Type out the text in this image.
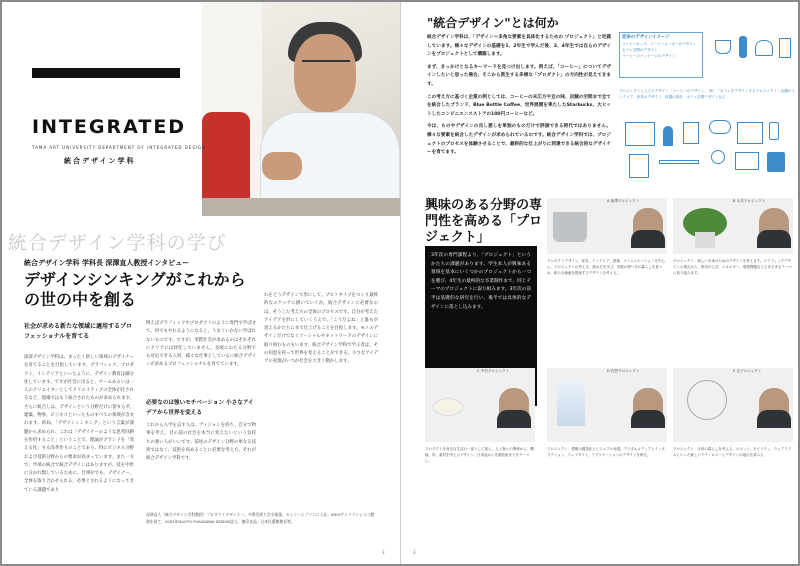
INTEGRATED
TAMA ART UNIVERSITY DEPARTMENT OF INTEGRATED DESIGN
統合デザイン学科
統合デザイン学科の学び
統合デザイン学科 学科長 深澤直人教授インタビュー
デザインシンキングがこれからの世の中を創る
社会が求める新たな領域に適用するプロフェッショナルを育てる
深澤デザイン学科は、まったく新しい領域のデザイナーを育てることを目指しています。グラフィック、プロダクト、インテリアといったように、デザイン教育は細分化しています。ですが社会に出ると、チームあるいは一人のクリエイターとしてクリエイティブの全体が任されるなど、現場ではもう統合されたものが求められます。さらに統合しは、デザインという分野だけに留まらず、建築、物事、ビジネスといったものすべての領域が含まれます。結局、「デザインシンキング」という言葉が課題から求められ、これは「デザイナーのような思考回路を作用すること」ということで、理論がブランドを「変える化」する改革作りのことであり、特にビジネス分野および技術分野からの要求が高まっています。また一方で、学部の統合で統合デザインはありますが、技を中世に分かれ類しているために、仕事がでも、デザイナー、全体を取り合わせられる、必要とされるようになってきている課題であり
例えばグラフィックやプロダクトのように専門で学ばせて、何でもやれるようになると、うまくいかない学ばれないものです。ですが、実際社会が求めるのはそれぞれにクリアには特化していません。多岐にわたる分野でも対応できる人材、様々な仕事としているに統合デザインが求めるプロフェッショナルを育てています。
必要なのは強いモチベーション 小さなアイデアから世界を変える
これから入学を志す人は、ヴィジョンを持ち、自分で物事を考え、目の前の社会を本当に変えたいという気持ちの強い人がいいです。前述のデザイン分野の単なる技術ではなく、技術を高めることに必要な考え方、それが統合デザイン学科です。
れをどうデザインで形にして、プロトタイプをつくり最終的なスケッチに描いていくか。統合デザインに必要なのは、そうした考え方の全体のプロセスです。自分が考えたアイデアを形にしていくうえで、「こうだよね」と誰もが思えるかたちにまで仕上げることを目指します。モノのデザインだけでなくソーシャルやネットワークのデザインに取り組むものもいます。統合デザイン学科で学ぶ者は、その知恵を持って世界を変えることができる。小さなアイデアの実現がいつか社会を大きく動かします。
深澤直人（統合デザイン学科教授）プロダクトデザイナー。多摩美術大学卒業後、セイコーエプソンに入社。IDEOサンフランシスコ勤務を経て、2003年NAOTO FUKASAWA DESIGN設立。無印良品、日本民藝館館長等。
3
"統合デザイン"とは何か

統合デザイン学科は、「デザイン＝多角な要素を具体化するための プロジェクト」と定義しています。様々なデザインの基礎を1、2年生で学んだ後、3、4年生では自らのデザインをプロジェクトとして構築します。

まず、きっかけとなるキーワードを見つけ出します。例えば、「コーヒー」についてデザインしたいと思った場合、そこから派生する多様な「プロダクト」の方向性が見えてきます。

この考え方に基づく企業の例としては、コーヒーの末広方や豆の味、店舗の空間まで全てを統合したブランド、Blue Bottle Coffee、世界展開を果たしたStarbucks、大ヒットしたコンビニエンスストアの100円コーヒーなど。

今は、ものやデザインの良し悪しを単独のものだけで評価できる時代ではありません。様々な要素を統合したデザインが求められているのです。統合デザイン学科では、プロジェクトのプロセスを体験させることで、最終的な仕上がりに到達できる統合的なデザイナーを育てます。

従来のデザインイメージ
コーヒーカップ、コーヒーメーカーのデザイン
カフェ空間のデザイン
コーヒーのパッケージのデザイン
プロジェクトとしてのデザイン「コーヒーのデザイン」 例：「カフェをデザインするプロジェクト」店舗のインテリア、家具のデザイン、食器の設計、カフェ空間デザインなど
興味のある分野の専門性を高める「プロジェクト」
3年次の専門課程より、「プロジェクト」というかたちの課題があります。学生本人が興味ある領域を基本にいくつかのプロジェクトから一つを選び、4年生の最終的な卒業制作まで、同じテーマのプロジェクトに取り組みます。3年次の前半は基礎的な研究を行い、後半では具体的なデザインに落とし込みます。
A 深澤プロジェクト
プロダクトデザイン、家具、インテリア、建築、コミュニケーションを中心に、プロジェクトの考え方、進め方を学び、実際の使い手の暮らしを見つめ、新たな価値を提案するデザインを考える。
B 永井プロジェクト
プロジェクト：新しい未来のためのデザインを考えます。グラフィックデザインの視点から、都市や公共、エネルギー、環境問題などさまざまなテーマに取り組みます。
C 中村プロジェクト
プロダクトを身近な生活の一部として捉え、人と物との関係から、機能、形、素材を考えるデザイン。日用品から先端技術までをテーマに。
D 佐野プロジェクト
プロジェクト：情報の構造化とビジュアル表現。デジタルメディアとインタラクション、ウェブサイト、アプリケーションのデザインを研究。
E 吉プロジェクト
プロジェクト：未来の暮らしを考える。ロボット、モビリティ、ウェアラブルといった新しいテクノロジーとデザインの融合を試みる。
3
